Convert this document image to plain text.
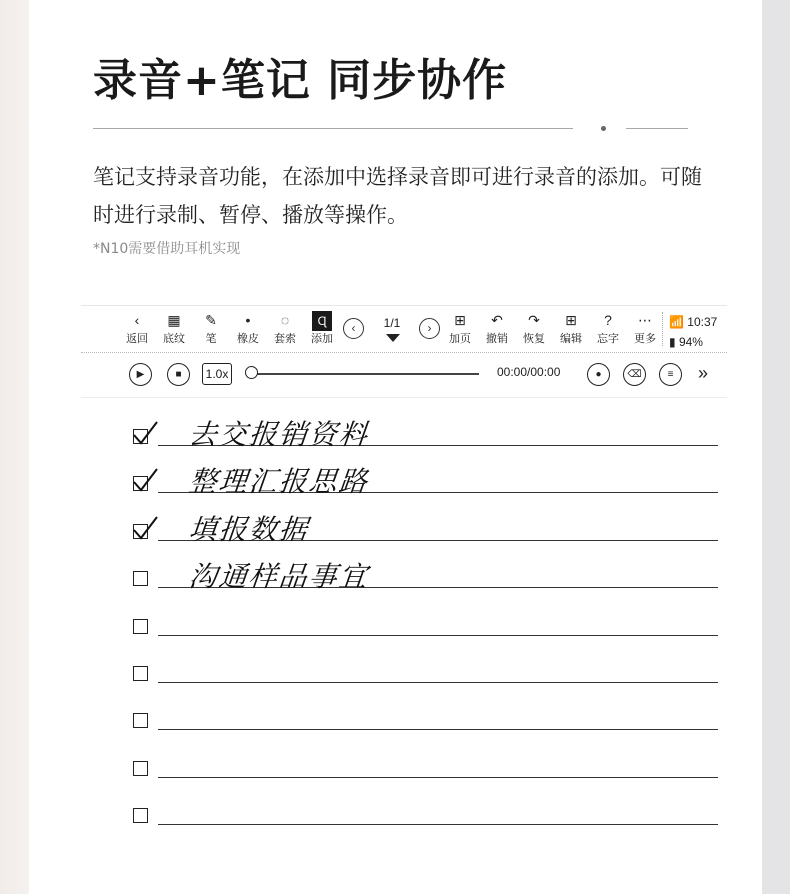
录音+笔记 同步协作
笔记支持录音功能，在添加中选择录音即可进行录音的添加。可随时进行录制、暂停、播放等操作。
*N10需要借助耳机实现
‹
返回
▦
底纹
✎
笔
•
橡皮
◌
套索
Ɋ
添加
‹	1/1	›	⊞
加页
↶
撤销
↷
恢复
⊞
编辑
?
忘字
⋯
更多
📶 10:37
▮ 94%
▶	■	1.0x	00:00/00:00	●	⌫	≡	»
去交报销资料
整理汇报思路
填报数据
沟通样品事宜
